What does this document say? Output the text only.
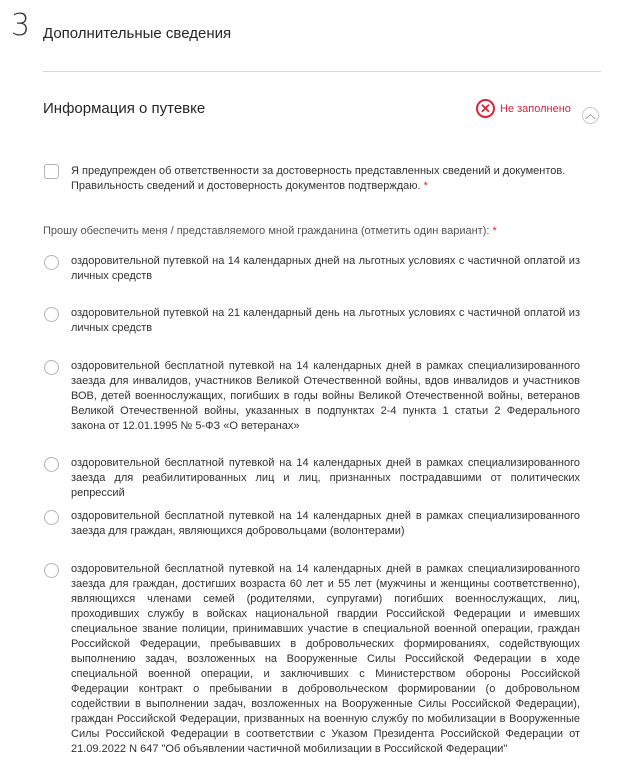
3 Дополнительные сведения
Информация о путевке	✕ Не заполнено
︿
Я предупрежден об ответственности за достоверность представленных сведений и документов. Правильность сведений и достоверность документов подтверждаю. *
Прошу обеспечить меня / представляемого мной гражданина (отметить один вариант): *
оздоровительной путевкой на 14 календарных дней на льготных условиях с частичной оплатой из личных средств
оздоровительной путевкой на 21 календарный день на льготных условиях с частичной оплатой из личных средств
оздоровительной бесплатной путевкой на 14 календарных дней в рамках специализированного заезда для инвалидов, участников Великой Отечественной войны, вдов инвалидов и участников ВОВ, детей военнослужащих, погибших в годы войны Великой Отечественной войны, ветеранов Великой Отечественной войны, указанных в подпунктах 2-4 пункта 1 статьи 2 Федерального закона от 12.01.1995 № 5-ФЗ «О ветеранах»
оздоровительной бесплатной путевкой на 14 календарных дней в рамках специализированного заезда для реабилитированных лиц и лиц, признанных пострадавшими от политических репрессий
оздоровительной бесплатной путевкой на 14 календарных дней в рамках специализированного заезда для граждан, являющихся добровольцами (волонтерами)
оздоровительной бесплатной путевкой на 14 календарных дней в рамках специализированного заезда для граждан, достигших возраста 60 лет и 55 лет (мужчины и женщины соответственно), являющихся членами семей (родителями, супругами) погибших военнослужащих, лиц, проходивших службу в войсках национальной гвардии Российской Федерации и имевших специальное звание полиции, принимавших участие в специальной военной операции, граждан Российской Федерации, пребывавших в добровольческих формированиях, содействующих выполнению задач, возложенных на Вооруженные Силы Российской Федерации в ходе специальной военной операции, и заключивших с Министерством обороны Российской Федерации контракт о пребывании в добровольческом формировании (о добровольном содействии в выполнении задач, возложенных на Вооруженные Силы Российской Федерации), граждан Российской Федерации, призванных на военную службу по мобилизации в Вооруженные Силы Российской Федерации в соответствии с Указом Президента Российской Федерации от 21.09.2022 N 647 "Об объявлении частичной мобилизации в Российской Федерации"
